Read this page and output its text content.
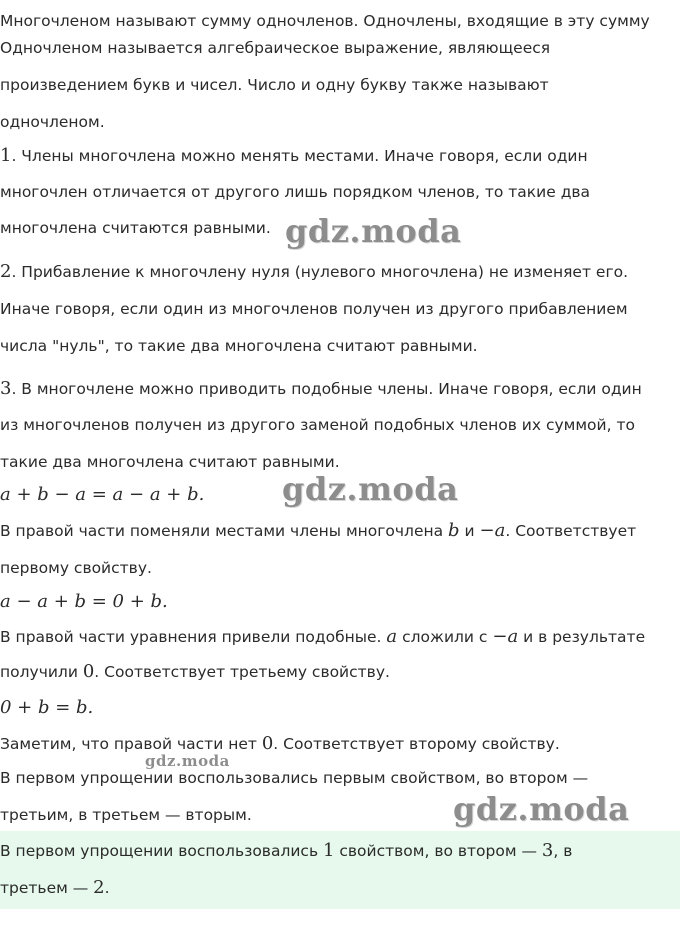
Многочленом называют сумму одночленов. Одночлены, входящие в эту сумму
Одночленом называется алгебраическое выражение, являющееся
произведением букв и чисел. Число и одну букву также называют
одночленом.
1. Члены многочлена можно менять местами. Иначе говоря, если один
многочлен отличается от другого лишь порядком членов, то такие два
многочлена считаются равными.
2. Прибавление к многочлену нуля (нулевого многочлена) не изменяет его.
Иначе говоря, если один из многочленов получен из другого прибавлением
числа "нуль", то такие два многочлена считают равными.
3. В многочлене можно приводить подобные члены. Иначе говоря, если один
из многочленов получен из другого заменой подобных членов их суммой, то
такие два многочлена считают равными.
a + b − a = a − a + b.
В правой части поменяли местами члены многочлена b и −a. Соответствует
первому свойству.
a − a + b = 0 + b.
В правой части уравнения привели подобные. a сложили с −a и в результате
получили 0. Соответствует третьему свойству.
0 + b = b.
Заметим, что правой части нет 0. Соответствует второму свойству.
В первом упрощении воспользовались первым свойством, во втором —
третьим, в третьем — вторым.
В первом упрощении воспользовались 1 свойством, во втором — 3, в
третьем — 2.
gdz.moda
gdz.moda
gdz.moda
gdz.moda
